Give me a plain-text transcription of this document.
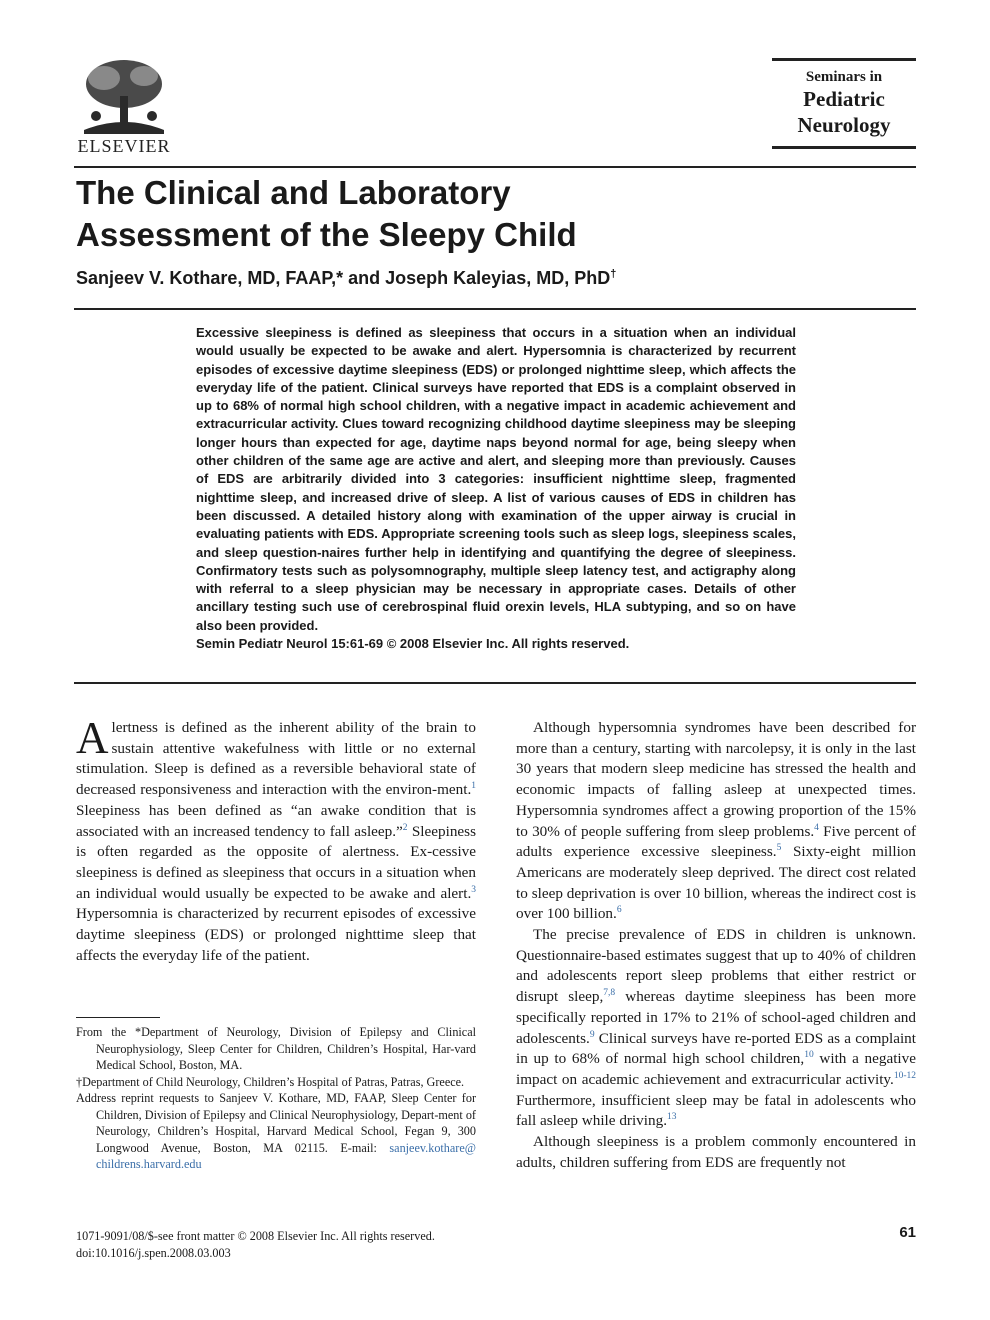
ELSEVIER
Seminars in
Pediatric
Neurology
The Clinical and Laboratory
Assessment of the Sleepy Child
Sanjeev V. Kothare, MD, FAAP,* and Joseph Kaleyias, MD, PhD†
Excessive sleepiness is defined as sleepiness that occurs in a situation when an individual would usually be expected to be awake and alert. Hypersomnia is characterized by recurrent episodes of excessive daytime sleepiness (EDS) or prolonged nighttime sleep, which affects the everyday life of the patient. Clinical surveys have reported that EDS is a complaint observed in up to 68% of normal high school children, with a negative impact in academic achievement and extracurricular activity. Clues toward recognizing childhood daytime sleepiness may be sleeping longer hours than expected for age, daytime naps beyond normal for age, being sleepy when other children of the same age are active and alert, and sleeping more than previously. Causes of EDS are arbitrarily divided into 3 categories: insufficient nighttime sleep, fragmented nighttime sleep, and increased drive of sleep. A list of various causes of EDS in children has been discussed. A detailed history along with examination of the upper airway is crucial in evaluating patients with EDS. Appropriate screening tools such as sleep logs, sleepiness scales, and sleep question-naires further help in identifying and quantifying the degree of sleepiness. Confirmatory tests such as polysomnography, multiple sleep latency test, and actigraphy along with referral to a sleep physician may be necessary in appropriate cases. Details of other ancillary testing such use of cerebrospinal fluid orexin levels, HLA subtyping, and so on have also been provided.
Semin Pediatr Neurol 15:61-69 © 2008 Elsevier Inc. All rights reserved.

Alertness is defined as the inherent ability of the brain to sustain attentive wakefulness with little or no external stimulation. Sleep is defined as a reversible behavioral state of decreased responsiveness and interaction with the environ-ment.$^1$ Sleepiness has been defined as “an awake condition that is associated with an increased tendency to fall asleep.”$^2$ Sleepiness is often regarded as the opposite of alertness. Ex-cessive sleepiness is defined as sleepiness that occurs in a situation when an individual would usually be expected to be awake and alert.$^3$ Hypersomnia is characterized by recurrent episodes of excessive daytime sleepiness (EDS) or prolonged nighttime sleep that affects the everyday life of the patient.

Although hypersomnia syndromes have been described for more than a century, starting with narcolepsy, it is only in the last 30 years that modern sleep medicine has stressed the health and economic impacts of falling asleep at unexpected times. Hypersomnia syndromes affect a growing proportion of the 15% to 30% of people suffering from sleep problems.$^4$ Five percent of adults experience excessive sleepiness.$^5$ Sixty-eight million Americans are moderately sleep deprived. The direct cost related to sleep deprivation is over 10 billion, whereas the indirect cost is over 100 billion.$^6$

The precise prevalence of EDS in children is unknown. Questionnaire-based estimates suggest that up to 40% of children and adolescents report sleep problems that either restrict or disrupt sleep,$^{7,8}$ whereas daytime sleepiness has been more specifically reported in 17% to 21% of school-aged children and adolescents.$^9$ Clinical surveys have re-ported EDS as a complaint in up to 68% of normal high school children,$^{10}$ with a negative impact on academic achievement and extracurricular activity.$^{10-12}$ Furthermore, insufficient sleep may be fatal in adolescents who fall asleep while driving.$^{13}$

Although sleepiness is a problem commonly encountered in adults, children suffering from EDS are frequently not

From the *Department of Neurology, Division of Epilepsy and Clinical Neurophysiology, Sleep Center for Children, Children’s Hospital, Har-vard Medical School, Boston, MA.

†Department of Child Neurology, Children’s Hospital of Patras, Patras, Greece.

Address reprint requests to Sanjeev V. Kothare, MD, FAAP, Sleep Center for Children, Division of Epilepsy and Clinical Neurophysiology, Depart-ment of Neurology, Children’s Hospital, Harvard Medical School, Fegan 9, 300 Longwood Avenue, Boston, MA 02115. E-mail: sanjeev.kothare@ childrens.harvard.edu

1071-9091/08/$-see front matter © 2008 Elsevier Inc. All rights reserved.
doi:10.1016/j.spen.2008.03.003
61
